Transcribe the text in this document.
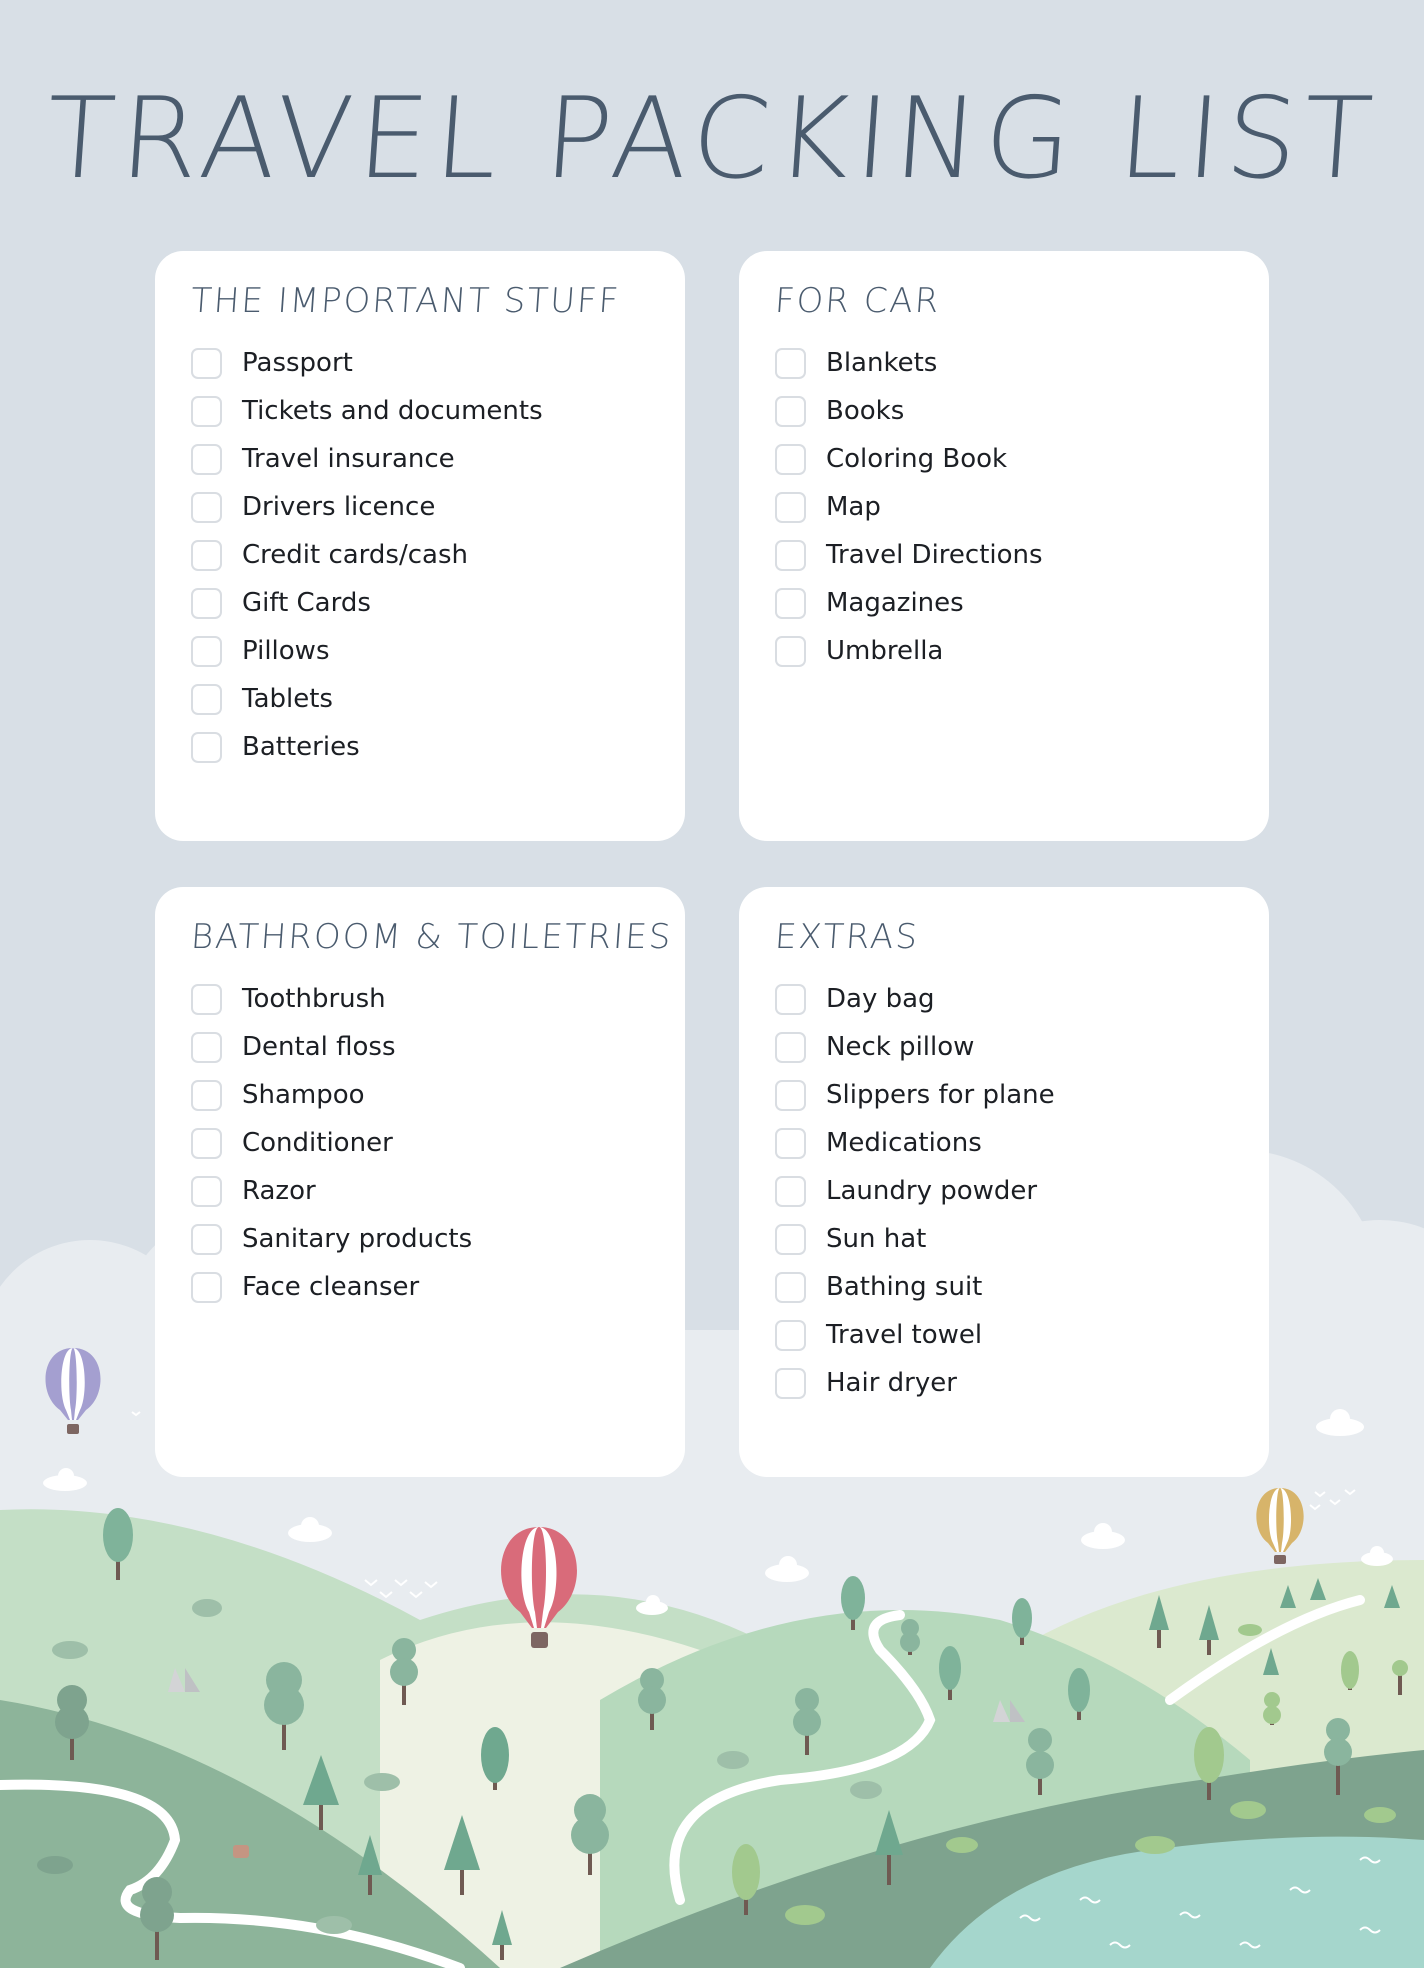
TRAVEL PACKING LIST
THE IMPORTANT STUFF
Passport
Tickets and documents
Travel insurance
Drivers licence
Credit cards/cash
Gift Cards
Pillows
Tablets
Batteries
FOR CAR
Blankets
Books
Coloring Book
Map
Travel Directions
Magazines
Umbrella
BATHROOM & TOILETRIES
Toothbrush
Dental floss
Shampoo
Conditioner
Razor
Sanitary products
Face cleanser
EXTRAS
Day bag
Neck pillow
Slippers for plane
Medications
Laundry powder
Sun hat
Bathing suit
Travel towel
Hair dryer
